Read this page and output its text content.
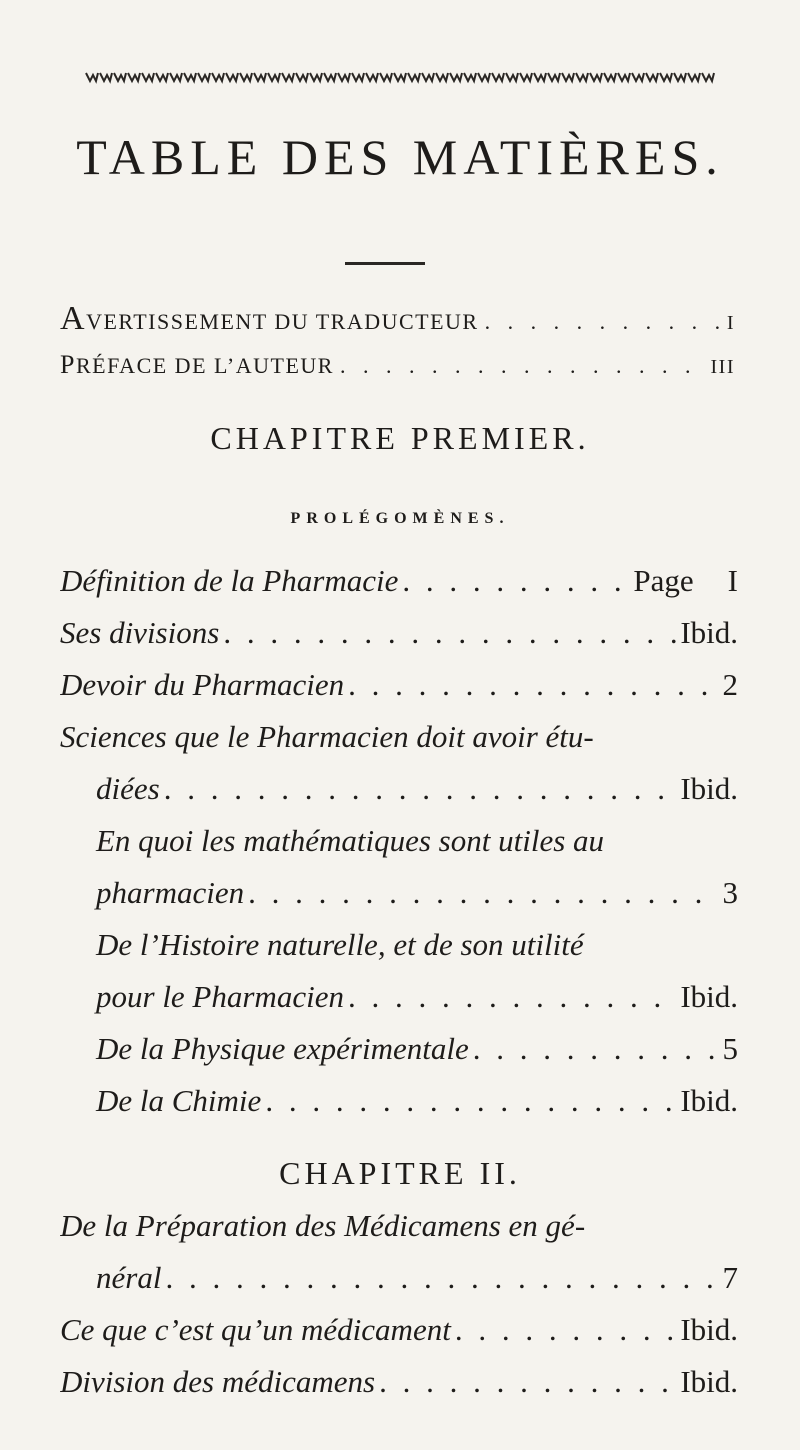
TABLE DES MATIÈRES.
A VERTISSEMENT DU TRADUCTEUR . . .	I
P RÉFACE DE L’AUTEUR . . .	III
CHAPITRE PREMIER.
PROLÉGOMÈNES.
Définition de la Pharmacie . . .	Page I
Ses divisions . . .	Ibid.
Devoir du Pharmacien . . .	2
Sciences que le Pharmacien doit avoir étu-
diées . . .	Ibid.
En quoi les mathématiques sont utiles au
pharmacien . . .	3
De l’Histoire naturelle, et de son utilité
pour le Pharmacien . . .	Ibid.
De la Physique expérimentale . . .	5
De la Chimie . . .	Ibid.
CHAPITRE II.
De la Préparation des Médicamens en gé-
néral . . .	7
Ce que c’est qu’un médicament . . .	Ibid.
Division des médicamens . . .	Ibid.
